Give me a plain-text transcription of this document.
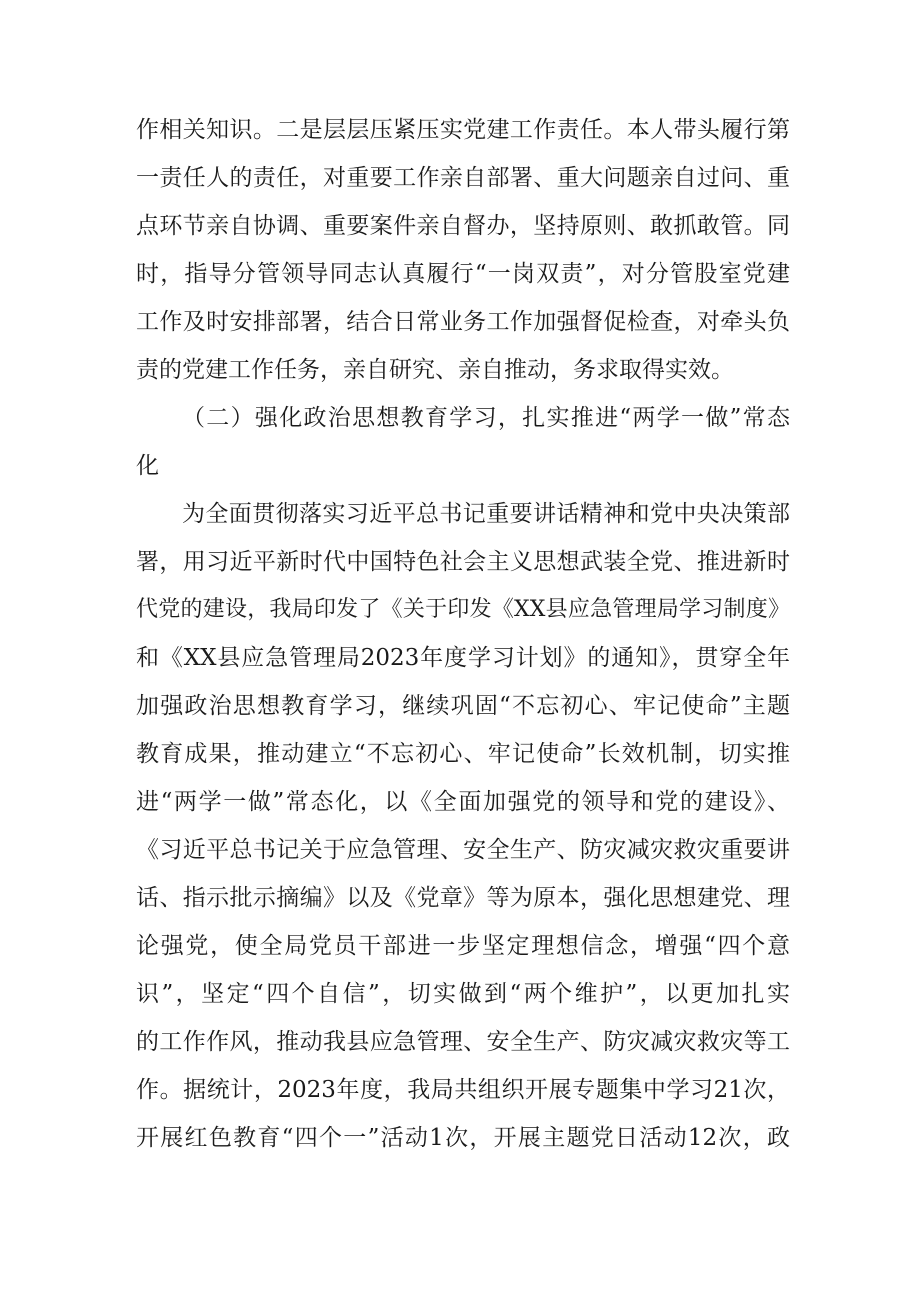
作相关知识。二是层层压紧压实党建工作责任。本人带头履行第
一责任人的责任，对重要工作亲自部署、重大问题亲自过问、重
点环节亲自协调、重要案件亲自督办，坚持原则、敢抓敢管。同
时，指导分管领导同志认真履行“一岗双责”，对分管股室党建
工作及时安排部署，结合日常业务工作加强督促检查，对牵头负
责的党建工作任务，亲自研究、亲自推动，务求取得实效。
（二）强化政治思想教育学习，扎实推进“两学一做”常态
化
为全面贯彻落实习近平总书记重要讲话精神和党中央决策部
署，用习近平新时代中国特色社会主义思想武装全党、推进新时
代党的建设，我局印发了《关于印发《XX县应急管理局学习制度》
和《XX县应急管理局2023年度学习计划》的通知》，贯穿全年
加强政治思想教育学习，继续巩固“不忘初心、牢记使命”主题
教育成果，推动建立“不忘初心、牢记使命”长效机制，切实推
进“两学一做”常态化，以《全面加强党的领导和党的建设》、
《习近平总书记关于应急管理、安全生产、防灾减灾救灾重要讲
话、指示批示摘编》以及《党章》等为原本，强化思想建党、理
论强党，使全局党员干部进一步坚定理想信念，增强“四个意
识”，坚定“四个自信”，切实做到“两个维护”，以更加扎实
的工作作风，推动我县应急管理、安全生产、防灾减灾救灾等工
作。据统计，2023年度，我局共组织开展专题集中学习21次，
开展红色教育“四个一”活动1次，开展主题党日活动12次，政
